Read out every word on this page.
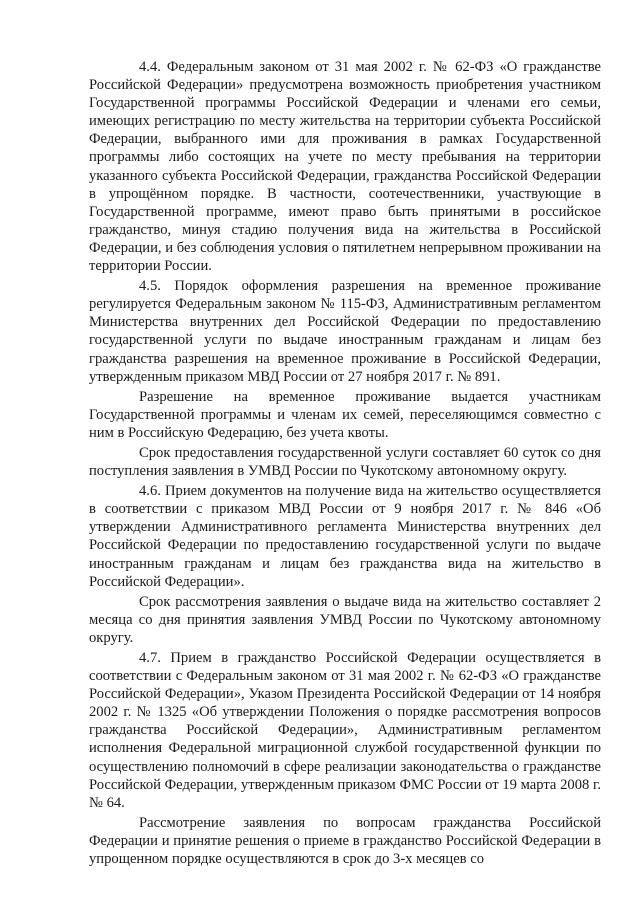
4.4. Федеральным законом от 31 мая 2002 г. № 62-ФЗ «О гражданстве Российской Федерации» предусмотрена возможность приобретения участником Государственной программы Российской Федерации и членами его семьи, имеющих регистрацию по месту жительства на территории субъекта Российской Федерации, выбранного ими для проживания в рамках Государственной программы либо состоящих на учете по месту пребывания на территории указанного субъекта Российской Федерации, гражданства Российской Федерации в упрощённом порядке. В частности, соотечественники, участвующие в Государственной программе, имеют право быть принятыми в российское гражданство, минуя стадию получения вида на жительства в Российской Федерации, и без соблюдения условия о пятилетнем непрерывном проживании на территории России.

4.5. Порядок оформления разрешения на временное проживание регулируется Федеральным законом № 115-ФЗ, Административным регламентом Министерства внутренних дел Российской Федерации по предоставлению государственной услуги по выдаче иностранным гражданам и лицам без гражданства разрешения на временное проживание в Российской Федерации, утвержденным приказом МВД России от 27 ноября 2017 г. № 891.

Разрешение на временное проживание выдается участникам Государственной программы и членам их семей, переселяющимся совместно с ним в Российскую Федерацию, без учета квоты.

Срок предоставления государственной услуги составляет 60 суток со дня поступления заявления в УМВД России по Чукотскому автономному округу.

4.6. Прием документов на получение вида на жительство осуществляется в соответствии с приказом МВД России от 9 ноября 2017 г. № 846 «Об утверждении Административного регламента Министерства внутренних дел Российской Федерации по предоставлению государственной услуги по выдаче иностранным гражданам и лицам без гражданства вида на жительство в Российской Федерации».

Срок рассмотрения заявления о выдаче вида на жительство составляет 2 месяца со дня принятия заявления УМВД России по Чукотскому автономному округу.

4.7. Прием в гражданство Российской Федерации осуществляется в соответствии с Федеральным законом от 31 мая 2002 г. № 62-ФЗ «О гражданстве Российской Федерации», Указом Президента Российской Федерации от 14 ноября 2002 г. № 1325 «Об утверждении Положения о порядке рассмотрения вопросов гражданства Российской Федерации», Административным регламентом исполнения Федеральной миграционной службой государственной функции по осуществлению полномочий в сфере реализации законодательства о гражданстве Российской Федерации, утвержденным приказом ФМС России от 19 марта 2008 г. № 64.

Рассмотрение заявления по вопросам гражданства Российской Федерации и принятие решения о приеме в гражданство Российской Федерации в упрощенном порядке осуществляются в срок до 3-х месяцев со
